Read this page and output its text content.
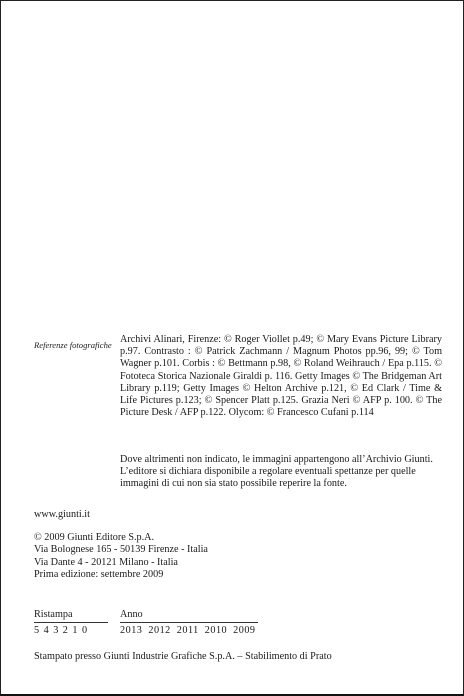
Referenze fotografiche Archivi Alinari, Firenze: © Roger Viollet p.49; © Mary Evans Picture Library p.97. Contrasto : © Patrick Zachmann / Magnum Photos pp.96, 99; © Tom Wagner p.101. Corbis : © Bettmann p.98, © Roland Weihrauch / Epa p.115. © Fototeca Storica Nazionale Giraldi p. 116. Getty Images © The Bridgeman Art Library p.119; Getty Images © Helton Archive p.121, © Ed Clark / Time & Life Pictures p.123; © Spencer Platt p.125. Grazia Neri © AFP p. 100. © The Picture Desk / AFP p.122. Olycom: © Francesco Cufani p.114
Dove altrimenti non indicato, le immagini appartengono all’Archivio Giunti. L’editore si dichiara disponibile a regolare eventuali spettanze per quelle immagini di cui non sia stato possibile reperire la fonte.
www.giunti.it
© 2009 Giunti Editore S.p.A.
Via Bolognese 165 - 50139 Firenze - Italia
Via Dante 4 - 20121 Milano - Italia
Prima edizione: settembre 2009
Ristampa
5 4 3 2 1 0
Anno
2013 2012 2011 2010 2009
Stampato presso Giunti Industrie Grafiche S.p.A. – Stabilimento di Prato
